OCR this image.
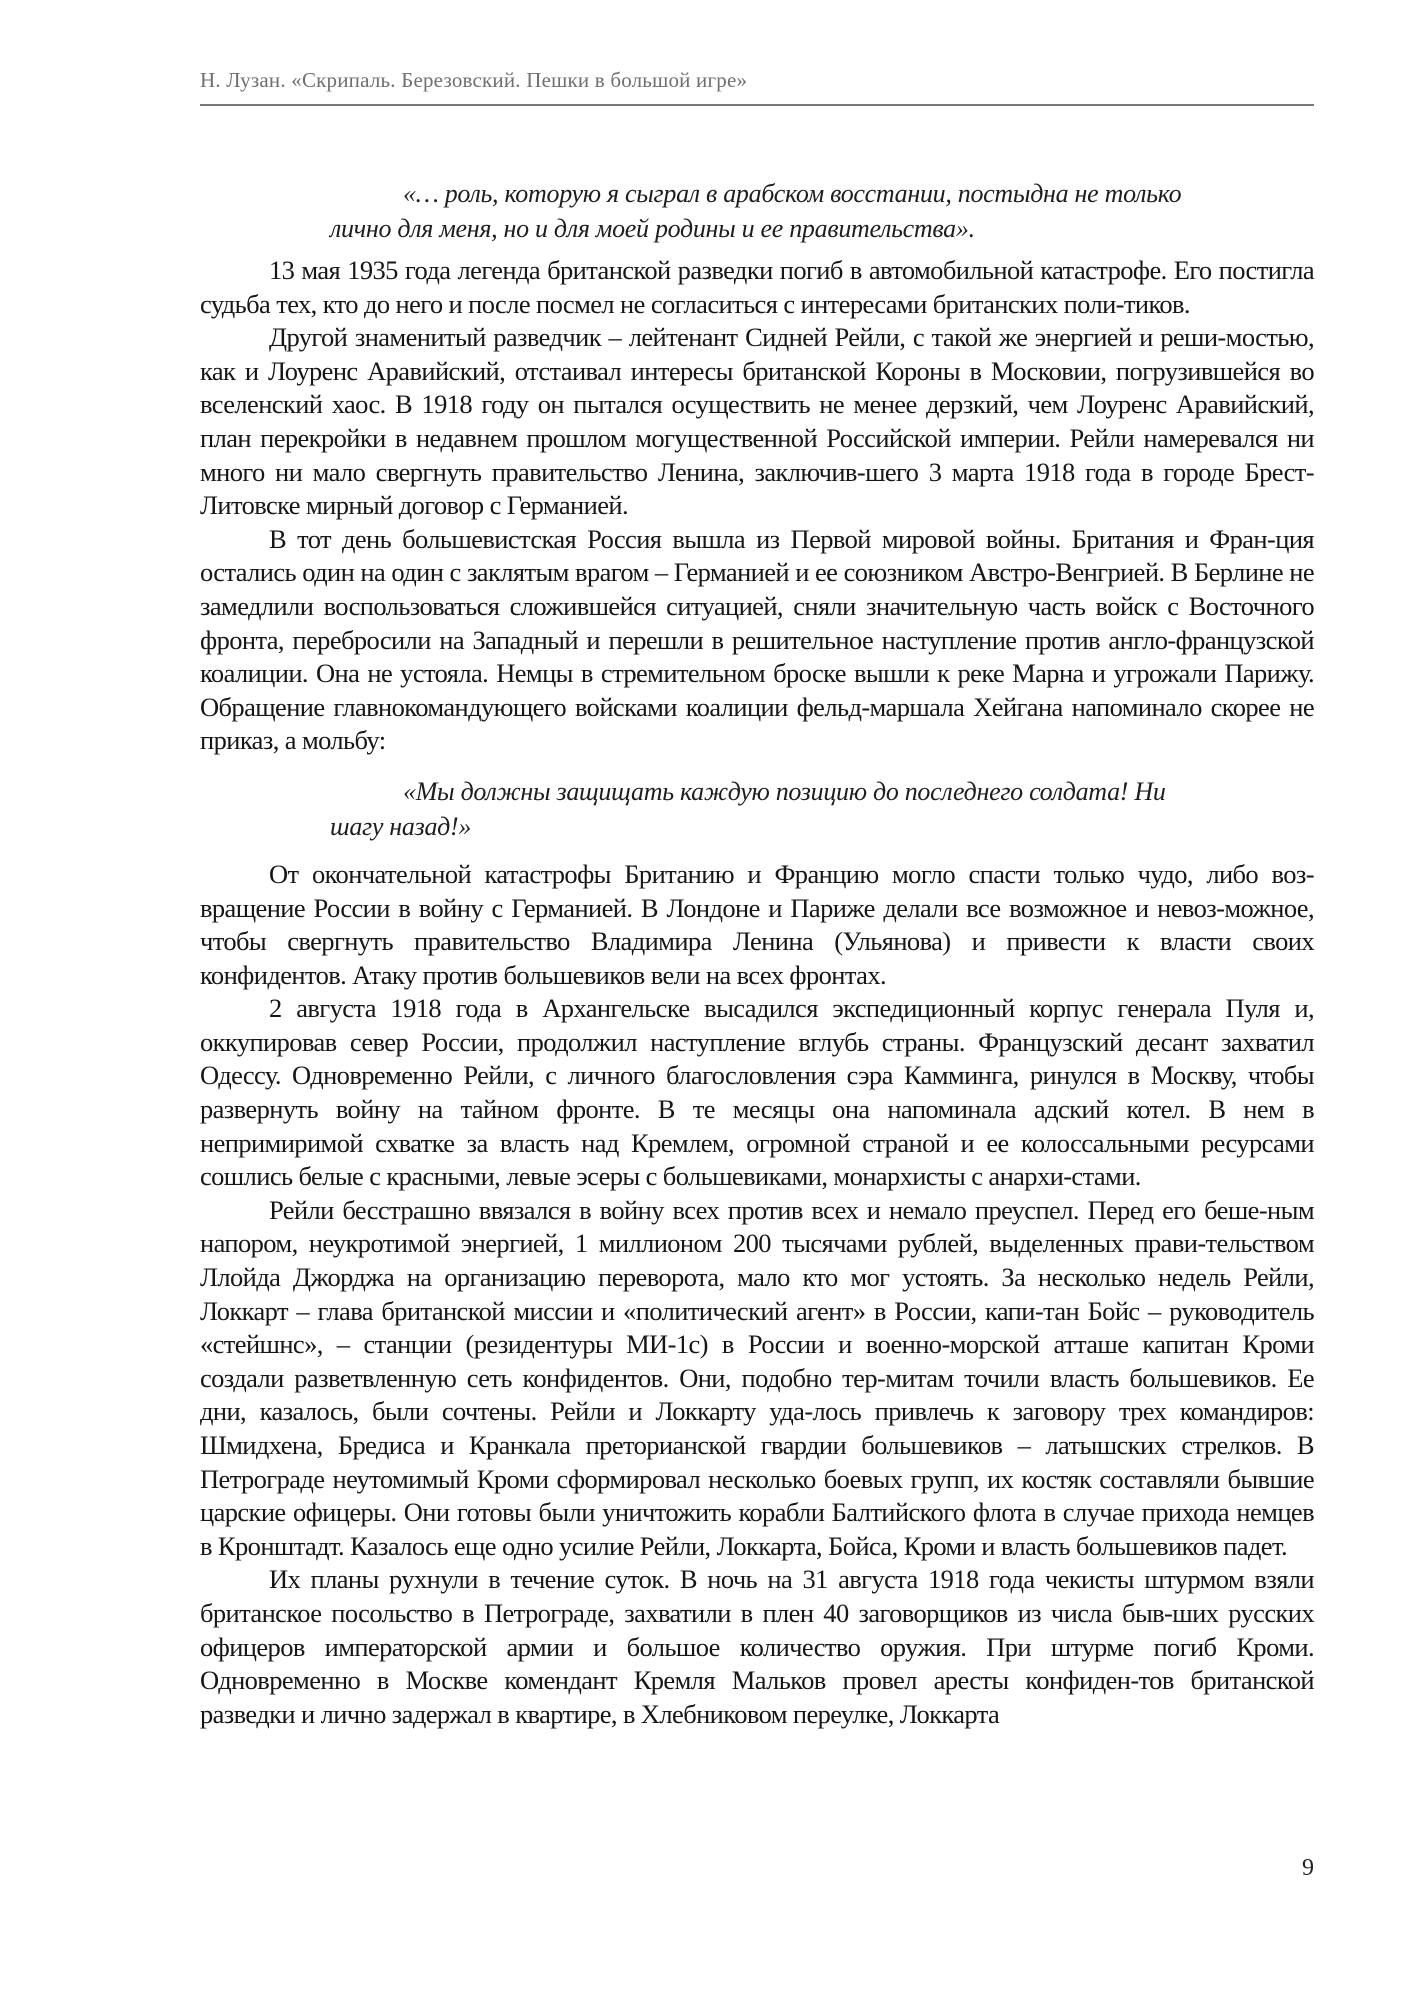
Н. Лузан. «Скрипаль. Березовский. Пешки в большой игре»

«… роль, которую я сыграл в арабском восстании, постыдна не только
лично для меня, но и для моей родины и ее правительства».

13 мая 1935 года легенда британской разведки погиб в автомобильной катастрофе. Его постигла судьба тех, кто до него и после посмел не согласиться с интересами британских поли-тиков.

Другой знаменитый разведчик – лейтенант Сидней Рейли, с такой же энергией и реши-мостью, как и Лоуренс Аравийский, отстаивал интересы британской Короны в Московии, погрузившейся во вселенский хаос. В 1918 году он пытался осуществить не менее дерзкий, чем Лоуренс Аравийский, план перекройки в недавнем прошлом могущественной Российской империи. Рейли намеревался ни много ни мало свергнуть правительство Ленина, заключив-шего 3 марта 1918 года в городе Брест-Литовске мирный договор с Германией.

В тот день большевистская Россия вышла из Первой мировой войны. Британия и Фран-ция остались один на один с заклятым врагом – Германией и ее союзником Австро-Венгрией. В Берлине не замедлили воспользоваться сложившейся ситуацией, сняли значительную часть войск с Восточного фронта, перебросили на Западный и перешли в решительное наступление против англо-французской коалиции. Она не устояла. Немцы в стремительном броске вышли к реке Марна и угрожали Парижу. Обращение главнокомандующего войсками коалиции фельд-маршала Хейгана напоминало скорее не приказ, а мольбу:

«Мы должны защищать каждую позицию до последнего солдата! Ни
шагу назад!»

От окончательной катастрофы Британию и Францию могло спасти только чудо, либо воз-вращение России в войну с Германией. В Лондоне и Париже делали все возможное и невоз-можное, чтобы свергнуть правительство Владимира Ленина (Ульянова) и привести к власти своих конфидентов. Атаку против большевиков вели на всех фронтах.

2 августа 1918 года в Архангельске высадился экспедиционный корпус генерала Пуля и, оккупировав север России, продолжил наступление вглубь страны. Французский десант захватил Одессу. Одновременно Рейли, с личного благословления сэра Камминга, ринулся в Москву, чтобы развернуть войну на тайном фронте. В те месяцы она напоминала адский котел. В нем в непримиримой схватке за власть над Кремлем, огромной страной и ее колоссальными ресурсами сошлись белые с красными, левые эсеры с большевиками, монархисты с анархи-стами.

Рейли бесстрашно ввязался в войну всех против всех и немало преуспел. Перед его беше-ным напором, неукротимой энергией, 1 миллионом 200 тысячами рублей, выделенных прави-тельством Ллойда Джорджа на организацию переворота, мало кто мог устоять. За несколько недель Рейли, Локкарт – глава британской миссии и «политический агент» в России, капи-тан Бойс – руководитель «стейшнс», – станции (резидентуры МИ-1с) в России и военно-морской атташе капитан Кроми создали разветвленную сеть конфидентов. Они, подобно тер-митам точили власть большевиков. Ее дни, казалось, были сочтены. Рейли и Локкарту уда-лось привлечь к заговору трех командиров: Шмидхена, Бредиса и Кранкала преторианской гвардии большевиков – латышских стрелков. В Петрограде неутомимый Кроми сформировал несколько боевых групп, их костяк составляли бывшие царские офицеры. Они готовы были уничтожить корабли Балтийского флота в случае прихода немцев в Кронштадт. Казалось еще одно усилие Рейли, Локкарта, Бойса, Кроми и власть большевиков падет.

Их планы рухнули в течение суток. В ночь на 31 августа 1918 года чекисты штурмом взяли британское посольство в Петрограде, захватили в плен 40 заговорщиков из числа быв-ших русских офицеров императорской армии и большое количество оружия. При штурме погиб Кроми. Одновременно в Москве комендант Кремля Мальков провел аресты конфиден-тов британской разведки и лично задержал в квартире, в Хлебниковом переулке, Локкарта

9
